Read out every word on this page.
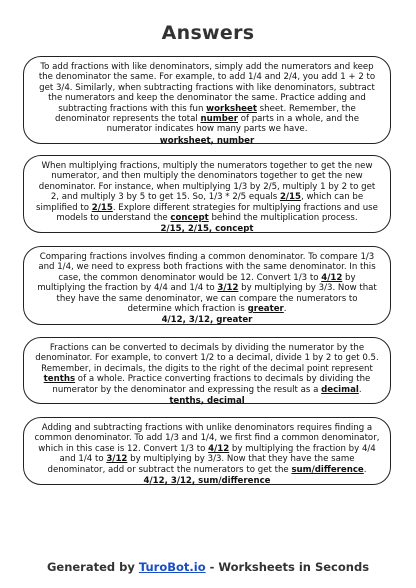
Answers

To add fractions with like denominators, simply add the numerators and keep the denominator the same. For example, to add 1/4 and 2/4, you add 1 + 2 to get 3/4. Similarly, when subtracting fractions with like denominators, subtract the numerators and keep the denominator the same. Practice adding and subtracting fractions with this fun worksheet sheet. Remember, the denominator represents the total number of parts in a whole, and the numerator indicates how many parts we have.

worksheet, number

When multiplying fractions, multiply the numerators together to get the new numerator, and then multiply the denominators together to get the new denominator. For instance, when multiplying 1/3 by 2/5, multiply 1 by 2 to get 2, and multiply 3 by 5 to get 15. So, 1/3 * 2/5 equals 2/15, which can be simplified to 2/15. Explore different strategies for multiplying fractions and use models to understand the concept behind the multiplication process.

2/15, 2/15, concept

Comparing fractions involves finding a common denominator. To compare 1/3 and 1/4, we need to express both fractions with the same denominator. In this case, the common denominator would be 12. Convert 1/3 to 4/12 by multiplying the fraction by 4/4 and 1/4 to 3/12 by multiplying by 3/3. Now that they have the same denominator, we can compare the numerators to determine which fraction is greater.

4/12, 3/12, greater

Fractions can be converted to decimals by dividing the numerator by the denominator. For example, to convert 1/2 to a decimal, divide 1 by 2 to get 0.5. Remember, in decimals, the digits to the right of the decimal point represent tenths of a whole. Practice converting fractions to decimals by dividing the numerator by the denominator and expressing the result as a decimal.

tenths, decimal

Adding and subtracting fractions with unlike denominators requires finding a common denominator. To add 1/3 and 1/4, we first find a common denominator, which in this case is 12. Convert 1/3 to 4/12 by multiplying the fraction by 4/4 and 1/4 to 3/12 by multiplying by 3/3. Now that they have the same denominator, add or subtract the numerators to get the sum/difference.

4/12, 3/12, sum/difference
Generated by TuroBot.io - Worksheets in Seconds
